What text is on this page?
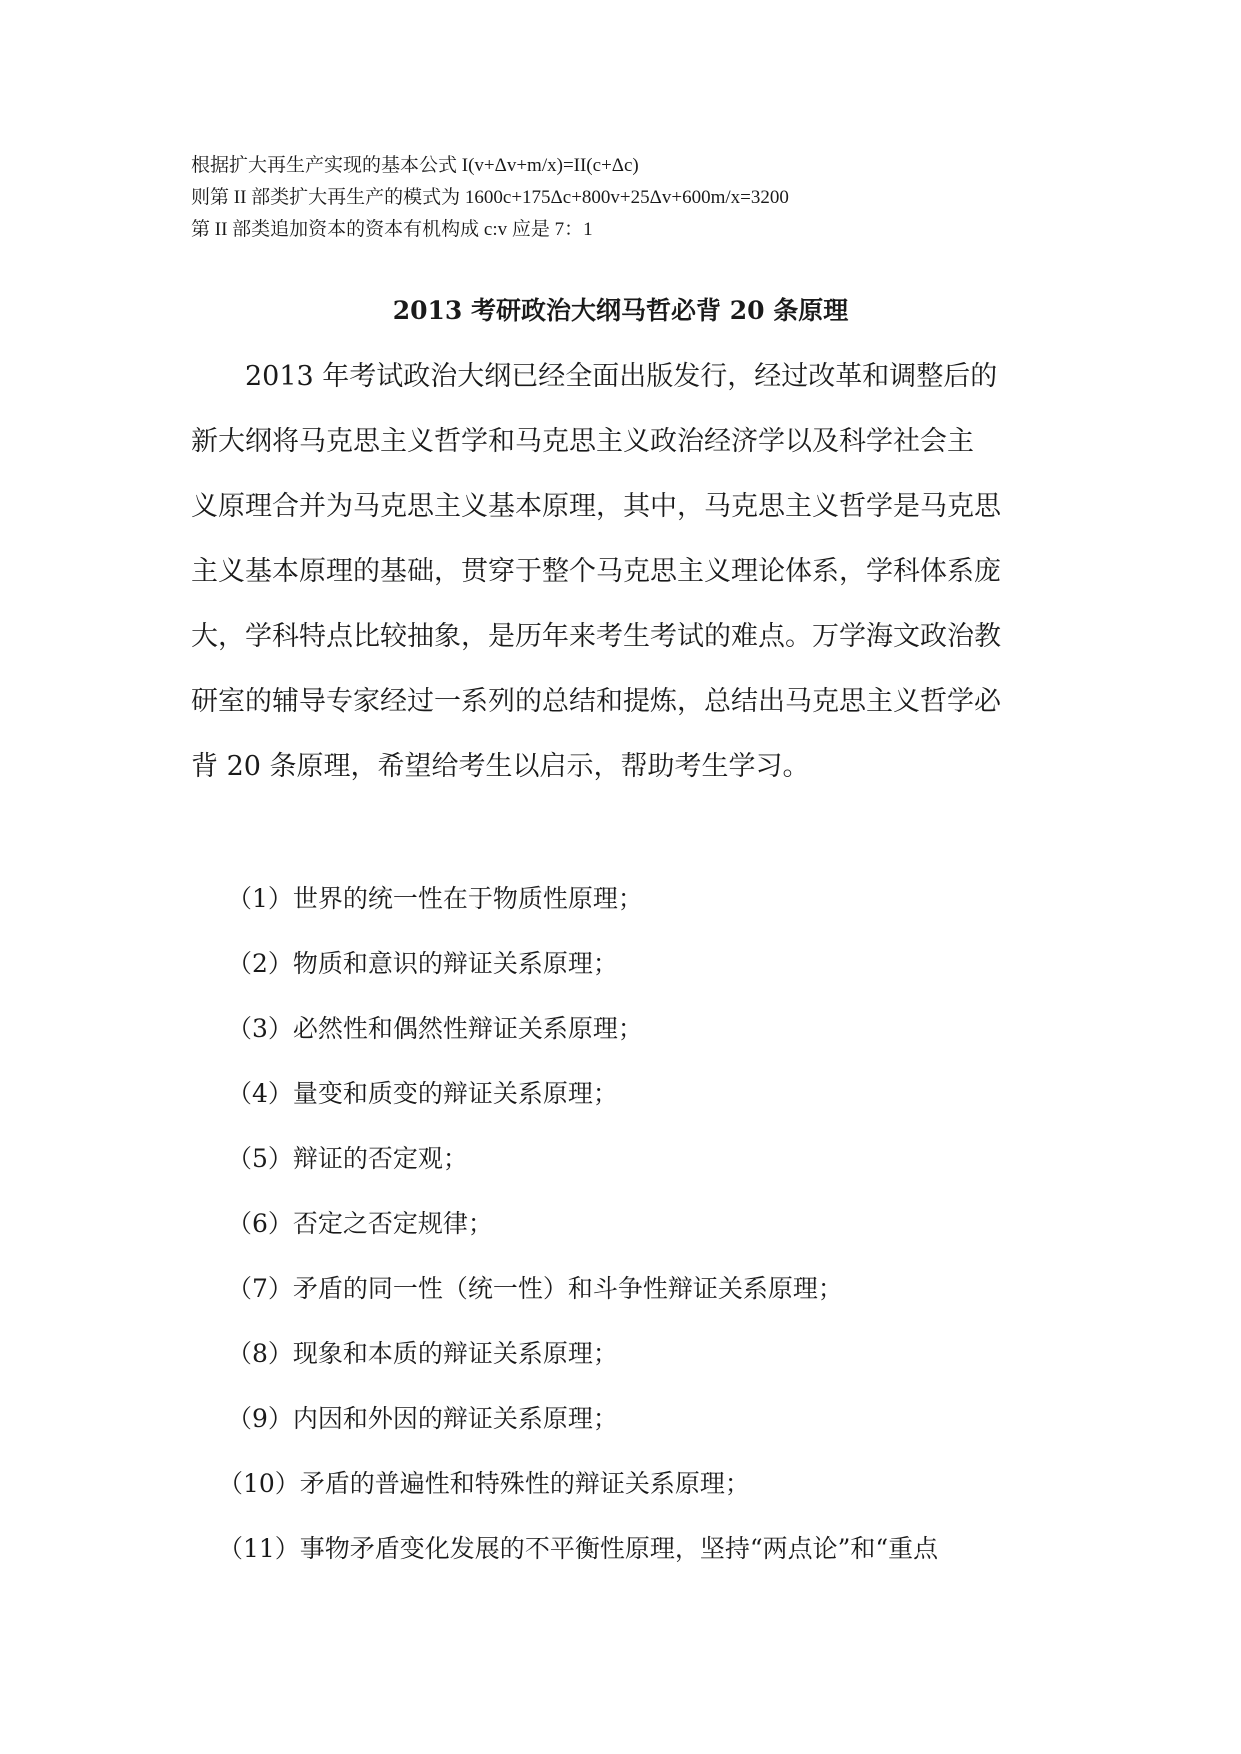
根据扩大再生产实现的基本公式 I(v+Δv+m/x)=II(c+Δc)
则第 II 部类扩大再生产的模式为 1600c+175Δc+800v+25Δv+600m/x=3200
第 II 部类追加资本的资本有机构成 c:v 应是 7：1
2013 考研政治大纲马哲必背 20 条原理
2013 年考试政治大纲已经全面出版发行，经过改革和调整后的
新大纲将马克思主义哲学和马克思主义政治经济学以及科学社会主
义原理合并为马克思主义基本原理，其中，马克思主义哲学是马克思
主义基本原理的基础，贯穿于整个马克思主义理论体系，学科体系庞
大，学科特点比较抽象，是历年来考生考试的难点。万学海文政治教
研室的辅导专家经过一系列的总结和提炼，总结出马克思主义哲学必
背 20 条原理，希望给考生以启示，帮助考生学习。
（1）世界的统一性在于物质性原理；
（2）物质和意识的辩证关系原理；
（3）必然性和偶然性辩证关系原理；
（4）量变和质变的辩证关系原理；
（5）辩证的否定观；
（6）否定之否定规律；
（7）矛盾的同一性（统一性）和斗争性辩证关系原理；
（8）现象和本质的辩证关系原理；
（9）内因和外因的辩证关系原理；
（10）矛盾的普遍性和特殊性的辩证关系原理；
（11）事物矛盾变化发展的不平衡性原理，坚持“两点论”和“重点
